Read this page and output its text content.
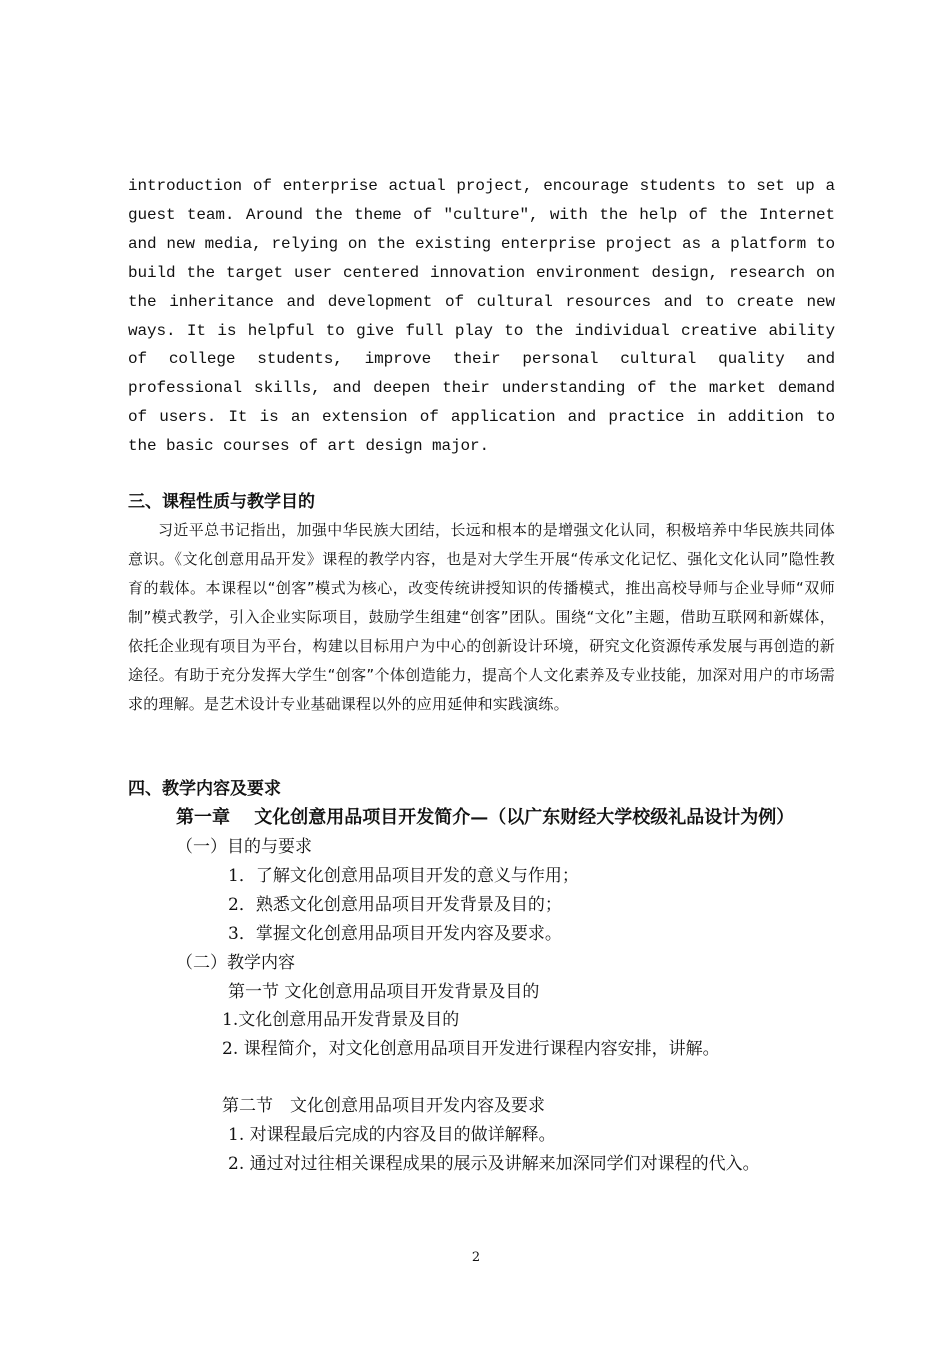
introduction of enterprise actual project, encourage students to set up a guest team. Around the theme of "culture", with the help of the Internet and new media, relying on the existing enterprise project as a platform to build the target user centered innovation environment design, research on the inheritance and development of cultural resources and to create new ways. It is helpful to give full play to the individual creative ability of college students, improve their personal cultural quality and professional skills, and deepen their understanding of the market demand of users. It is an extension of application and practice in addition to the basic courses of art design major.

三、课程性质与教学目的

习近平总书记指出，加强中华民族大团结，长远和根本的是增强文化认同，积极培养中华民族共同体意识。《文化创意用品开发》课程的教学内容，也是对大学生开展“传承文化记忆、强化文化认同”隐性教育的载体。本课程以“创客”模式为核心，改变传统讲授知识的传播模式，推出高校导师与企业导师“双师制”模式教学，引入企业实际项目，鼓励学生组建“创客”团队。围绕“文化”主题，借助互联网和新媒体，依托企业现有项目为平台，构建以目标用户为中心的创新设计环境，研究文化资源传承发展与再创造的新途径。有助于充分发挥大学生“创客”个体创造能力，提高个人文化素养及专业技能，加深对用户的市场需求的理解。是艺术设计专业基础课程以外的应用延伸和实践演练。

四、教学内容及要求

第一章　 文化创意用品项目开发简介—（以广东财经大学校级礼品设计为例）

（一）目的与要求

1．了解文化创意用品项目开发的意义与作用；

2．熟悉文化创意用品项目开发背景及目的；

3．掌握文化创意用品项目开发内容及要求。

（二）教学内容

第一节 文化创意用品项目开发背景及目的

1.文化创意用品开发背景及目的

2. 课程简介，对文化创意用品项目开发进行课程内容安排，讲解。

第二节　文化创意用品项目开发内容及要求

1. 对课程最后完成的内容及目的做详解释。

2. 通过对过往相关课程成果的展示及讲解来加深同学们对课程的代入。

2
